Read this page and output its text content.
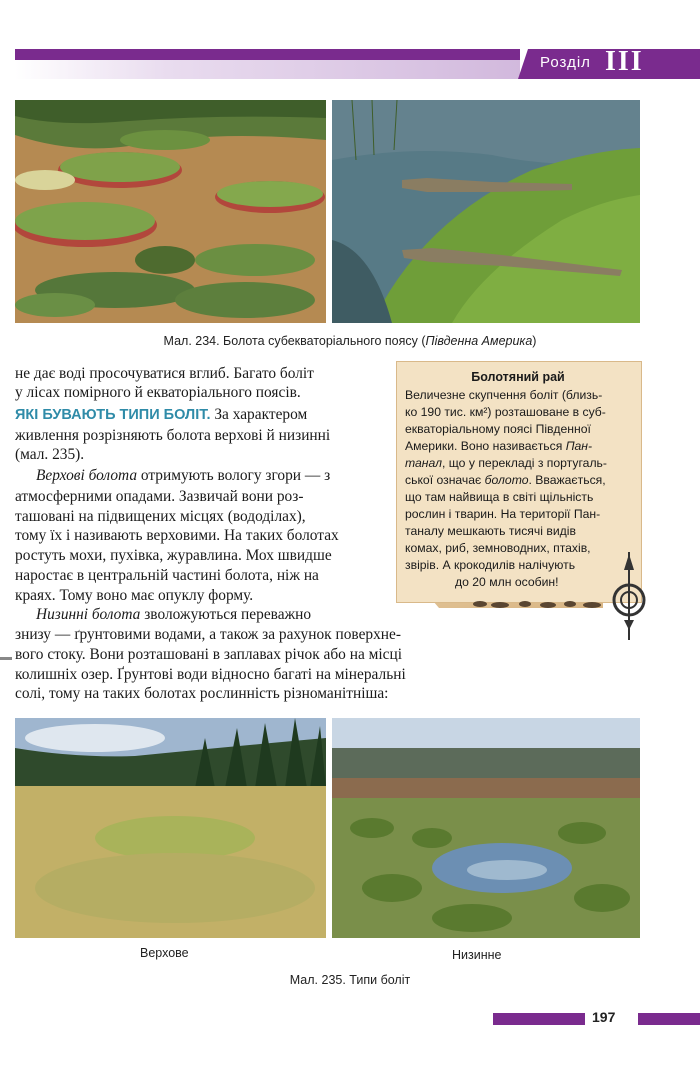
Розділ III
Мал. 234. Болота субекваторіального поясу (Південна Америка)
не дає воді просочуватися вглиб. Багато боліт
у лісах помірного й екваторіального поясів.
ЯКІ БУВАЮТЬ ТИПИ БОЛІТ. За характером
живлення розрізняють болота верхові й низинні
(мал. 235).
Верхові болота отримують вологу згори — з
атмосферними опадами. Зазвичай вони роз-
ташовані на підвищених місцях (вододілах),
тому їх і називають верховими. На таких болотах
ростуть мохи, пухівка, журавлина. Мох швидше
наростає в центральній частині болота, ніж на
краях. Тому воно має опуклу форму.
Низинні болота зволожуються переважно
знизу — ґрунтовими водами, а також за рахунок поверхне-
вого стоку. Вони розташовані в заплавах річок або на місці
колишніх озер. Ґрунтові води відносно багаті на мінеральні
солі, тому на таких болотах рослинність різноманітніша:
Болотяний рай
Величезне скупчення боліт (близь-
ко 190 тис. км²) розташоване в суб-
екваторіальному поясі Південної
Америки. Воно називається Пан-
танал, що у перекладі з португаль-
ської означає болото. Вважається,
що там найвища в світі щільність
рослин і тварин. На території Пан-
таналу мешкають тисячі видів
комах, риб, земноводних, птахів,
звірів. А крокодилів налічують
до 20 млн особин!
Верхове	Низинне
Мал. 235. Типи боліт
197
